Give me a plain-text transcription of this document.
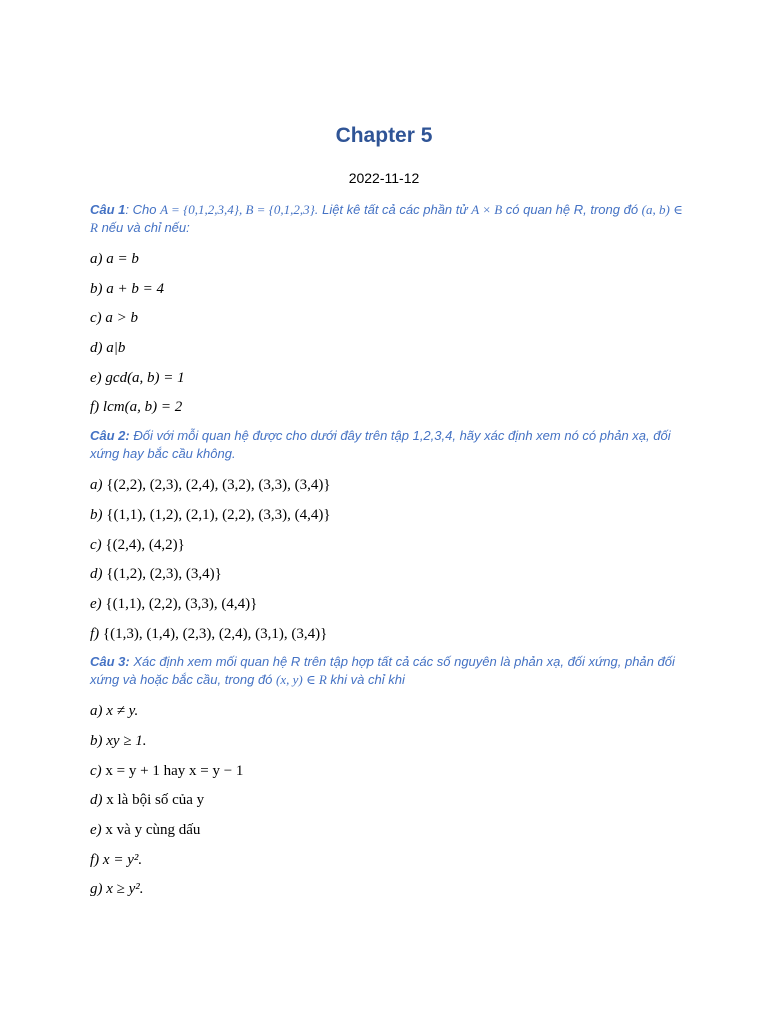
Chapter 5
2022-11-12

Câu 1: Cho A = {0,1,2,3,4}, B = {0,1,2,3}. Liệt kê tất cả các phần tử A × B có quan hệ R, trong đó (a, b) ∈ R nếu và chỉ nếu:

a) a = b
b) a + b = 4
c) a > b
d) a|b
e) gcd(a, b) = 1
f) lcm(a, b) = 2

Câu 2: Đối với mỗi quan hệ được cho dưới đây trên tập 1,2,3,4, hãy xác định xem nó có phản xạ, đối xứng hay bắc cầu không.

a) {(2,2), (2,3), (2,4), (3,2), (3,3), (3,4)}
b) {(1,1), (1,2), (2,1), (2,2), (3,3), (4,4)}
c) {(2,4), (4,2)}
d) {(1,2), (2,3), (3,4)}
e) {(1,1), (2,2), (3,3), (4,4)}
f) {(1,3), (1,4), (2,3), (2,4), (3,1), (3,4)}

Câu 3: Xác định xem mối quan hệ R trên tập hợp tất cả các số nguyên là phản xạ, đối xứng, phản đối xứng và hoặc bắc cầu, trong đó (x, y) ∈ R khi và chỉ khi

a) x ≠ y.
b) xy ≥ 1.
c) x = y + 1 hay x = y − 1
d) x là bội số của y
e) x và y cùng dấu
f) x = y².
g) x ≥ y².
